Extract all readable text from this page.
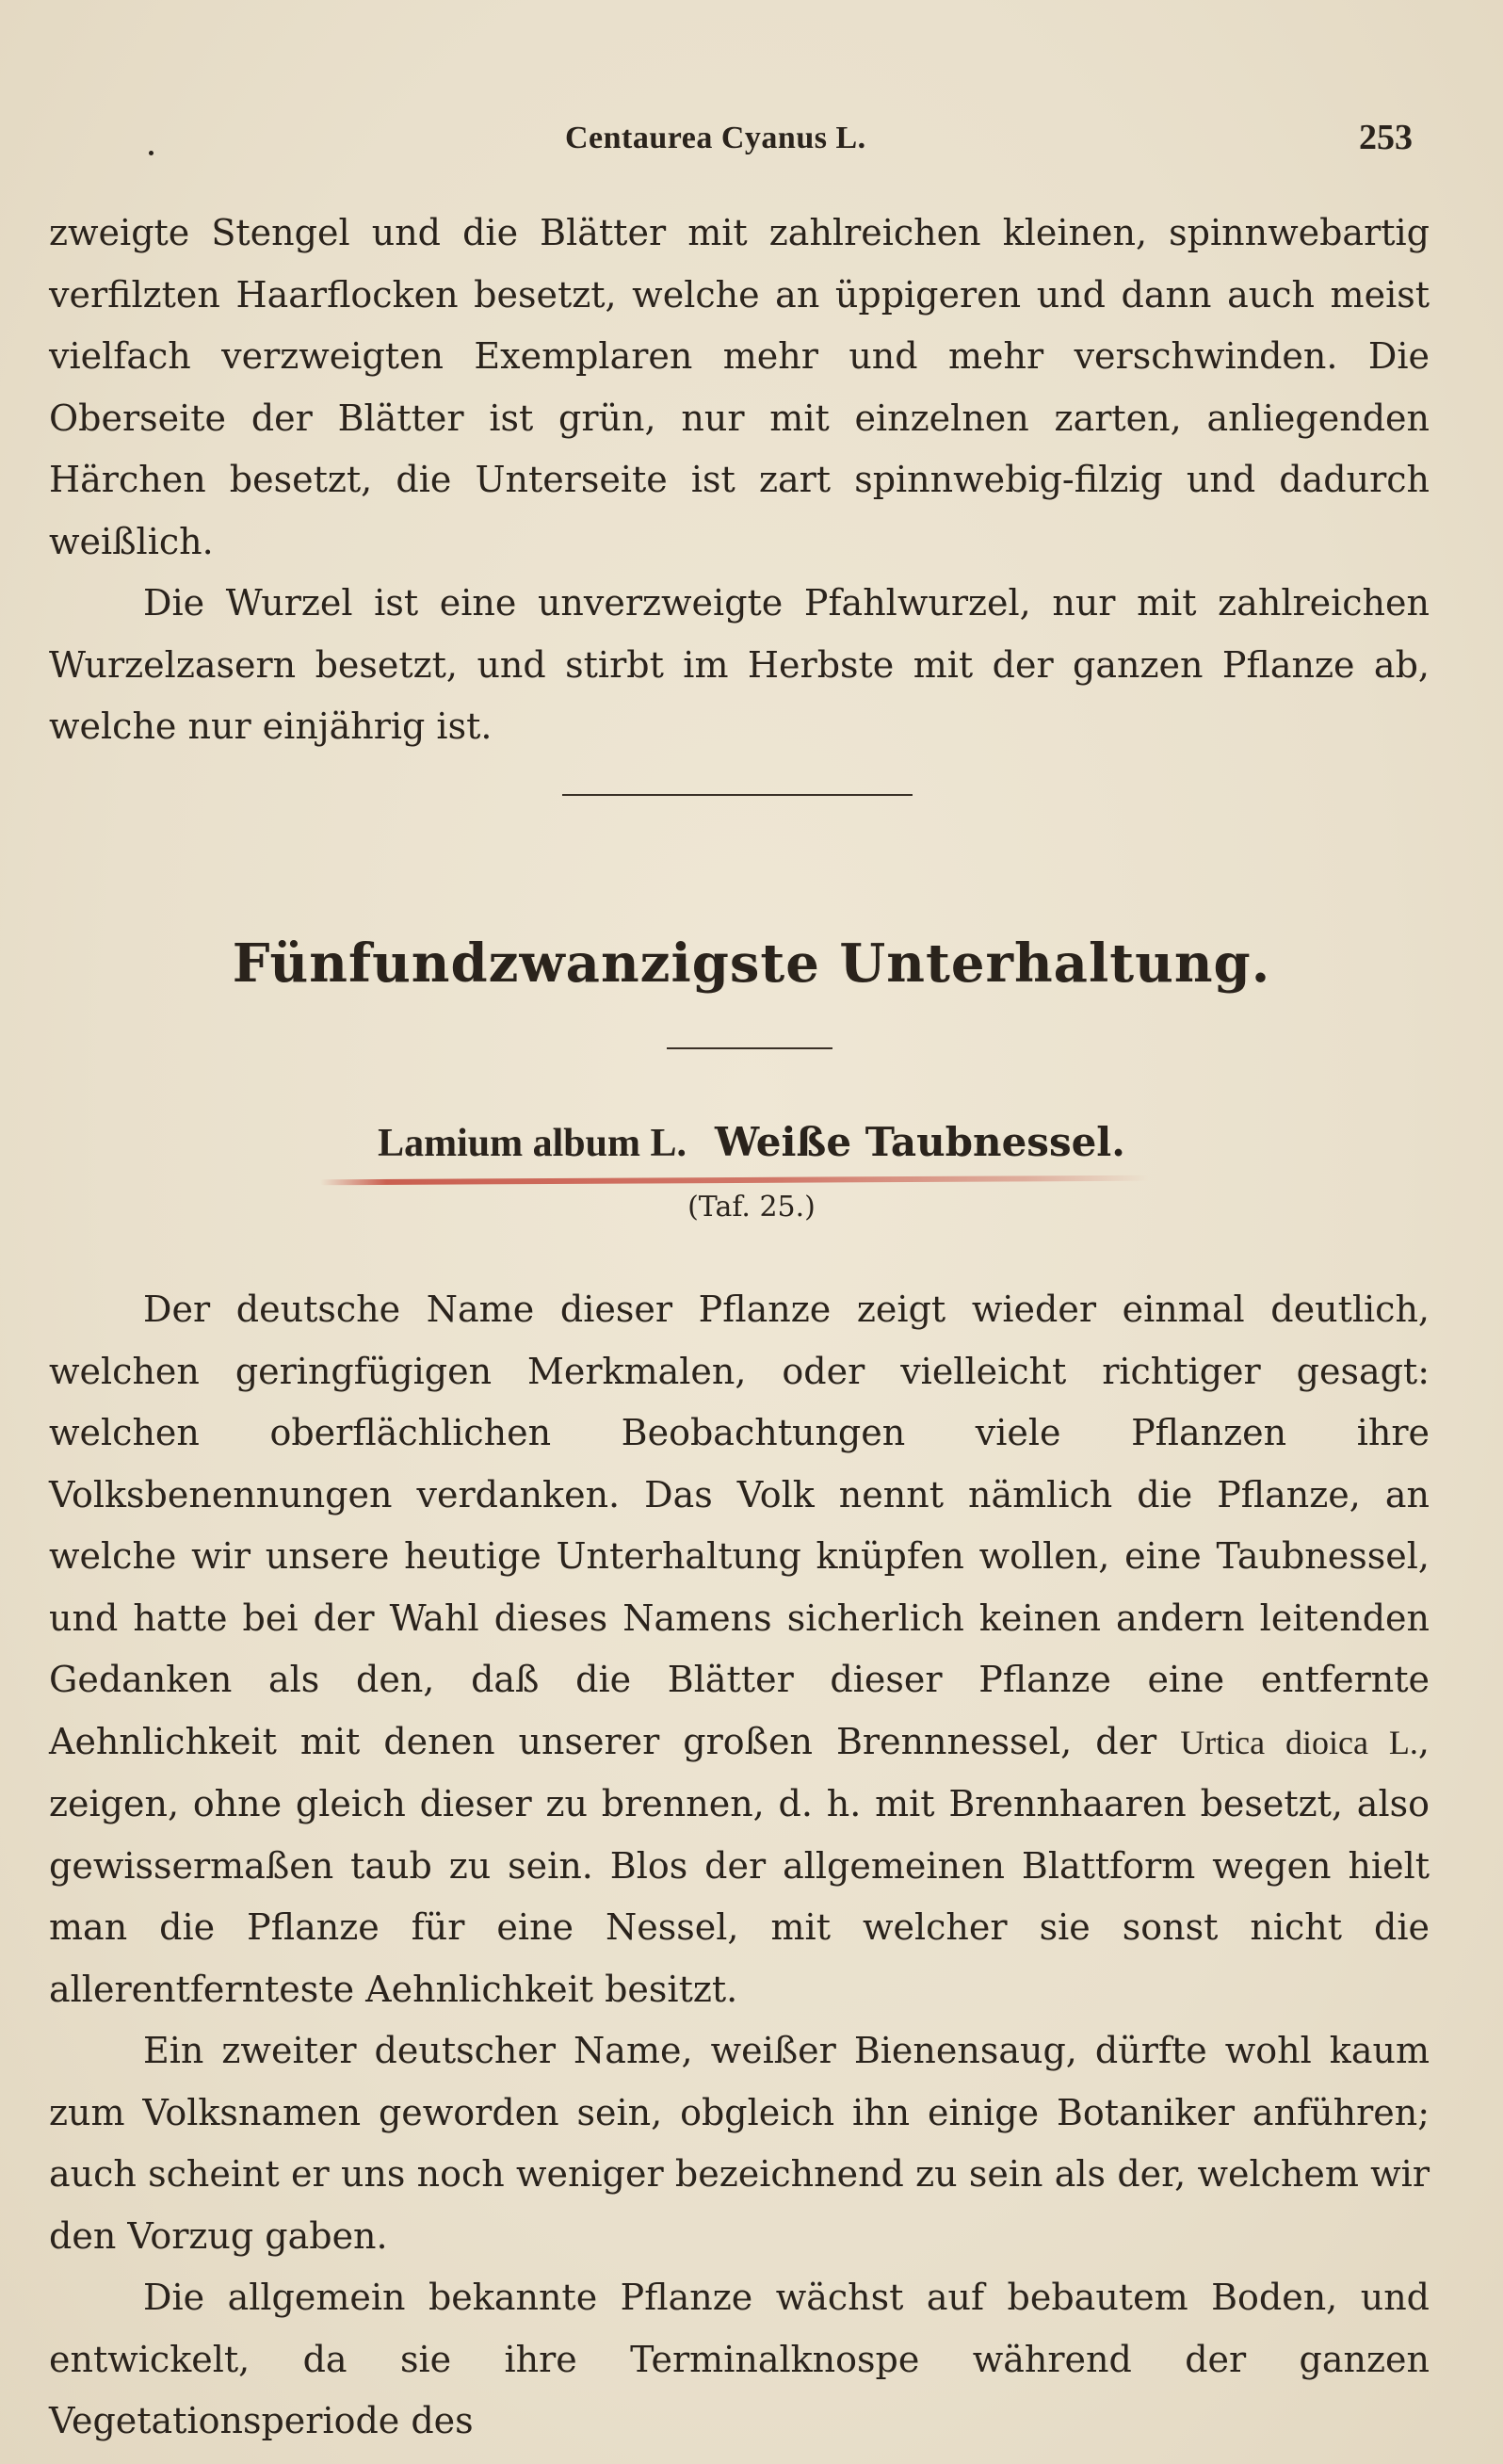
Centaurea Cyanus L.	253

zweigte Stengel und die Blätter mit zahlreichen kleinen, spinnwebartig verfilzten Haarflocken besetzt, welche an üppigeren und dann auch meist vielfach verzweigten Exemplaren mehr und mehr verschwinden. Die Oberseite der Blätter ist grün, nur mit einzelnen zarten, anliegenden Härchen besetzt, die Unterseite ist zart spinnwebig-filzig und dadurch weißlich.

Die Wurzel ist eine unverzweigte Pfahlwurzel, nur mit zahlreichen Wurzelzasern besetzt, und stirbt im Herbste mit der ganzen Pflanze ab, welche nur einjährig ist.

Fünfundzwanzigste Unterhaltung.
Lamium album L. Weiße Taubnessel.
(Taf. 25.)

Der deutsche Name dieser Pflanze zeigt wieder einmal deutlich, welchen geringfügigen Merkmalen, oder vielleicht richtiger gesagt: welchen oberflächlichen Beobachtungen viele Pflanzen ihre Volksbenennungen verdanken. Das Volk nennt nämlich die Pflanze, an welche wir unsere heutige Unterhaltung knüpfen wollen, eine Taubnessel, und hatte bei der Wahl dieses Namens sicherlich keinen andern leitenden Gedanken als den, daß die Blätter dieser Pflanze eine entfernte Aehnlichkeit mit denen unserer großen Brennnessel, der Urtica dioica L., zeigen, ohne gleich dieser zu brennen, d. h. mit Brennhaaren besetzt, also gewissermaßen taub zu sein. Blos der allgemeinen Blattform wegen hielt man die Pflanze für eine Nessel, mit welcher sie sonst nicht die allerentfernteste Aehnlichkeit besitzt.

Ein zweiter deutscher Name, weißer Bienensaug, dürfte wohl kaum zum Volksnamen geworden sein, obgleich ihn einige Botaniker anführen; auch scheint er uns noch weniger bezeichnend zu sein als der, welchem wir den Vorzug gaben.

Die allgemein bekannte Pflanze wächst auf bebautem Boden, und entwickelt, da sie ihre Terminalknospe während der ganzen Vegetationsperiode des
